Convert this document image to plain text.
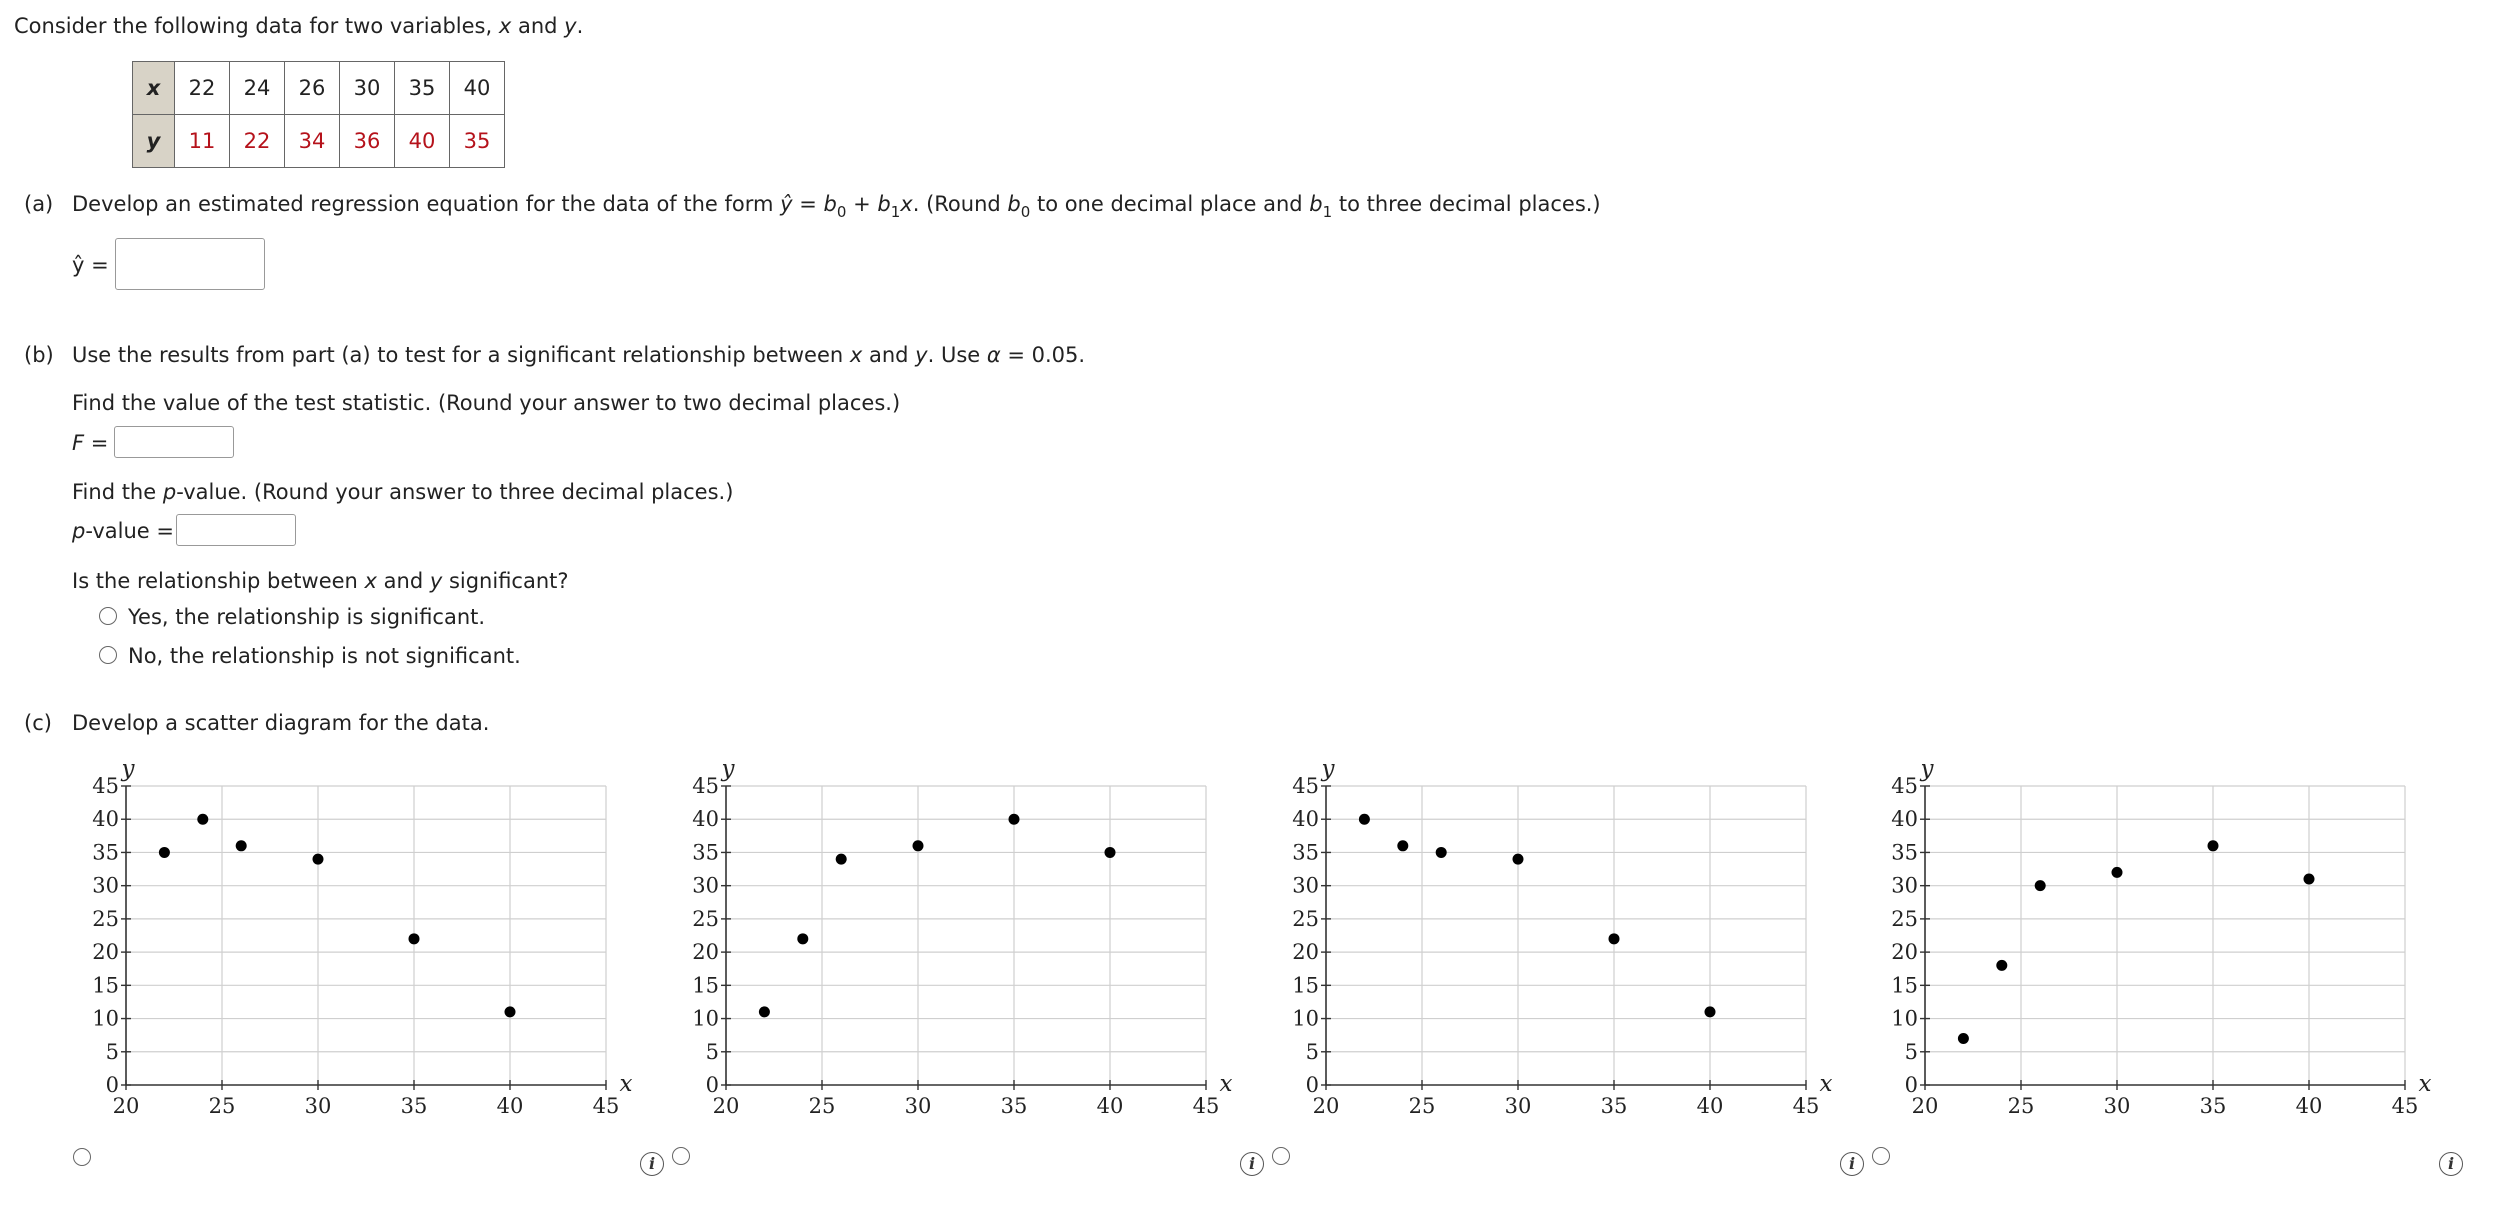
Consider the following data for two variables, x and y.
x	22	24	26	30	35	40
y	11	22	34	36	40	35
(a) Develop an estimated regression equation for the data of the form ŷ = $b_0 + b_1x$. (Round $b_0$ to one decimal place and $b_1$ to three decimal places.)
ŷ =
(b) Use the results from part (a) to test for a significant relationship between x and y. Use α = 0.05.
Find the value of the test statistic. (Round your answer to two decimal places.)
F =
Find the p-value. (Round your answer to three decimal places.)
p-value =
Is the relationship between x and y significant?
Yes, the relationship is significant.
No, the relationship is not significant.
(c) Develop a scatter diagram for the data.
0
5
10
15
20
25
30
35
40
45
20	25	30	35	40	45
y
x	0
5
10
15
20
25
30
35
40
45
20	25	30	35	40	45
y
x	0
5
10
15
20
25
30
35
40
45
20	25	30	35	40	45
y
x	0
5
10
15
20
25
30
35
40
45
20	25	30	35	40	45
y
x
i	i	i	i
